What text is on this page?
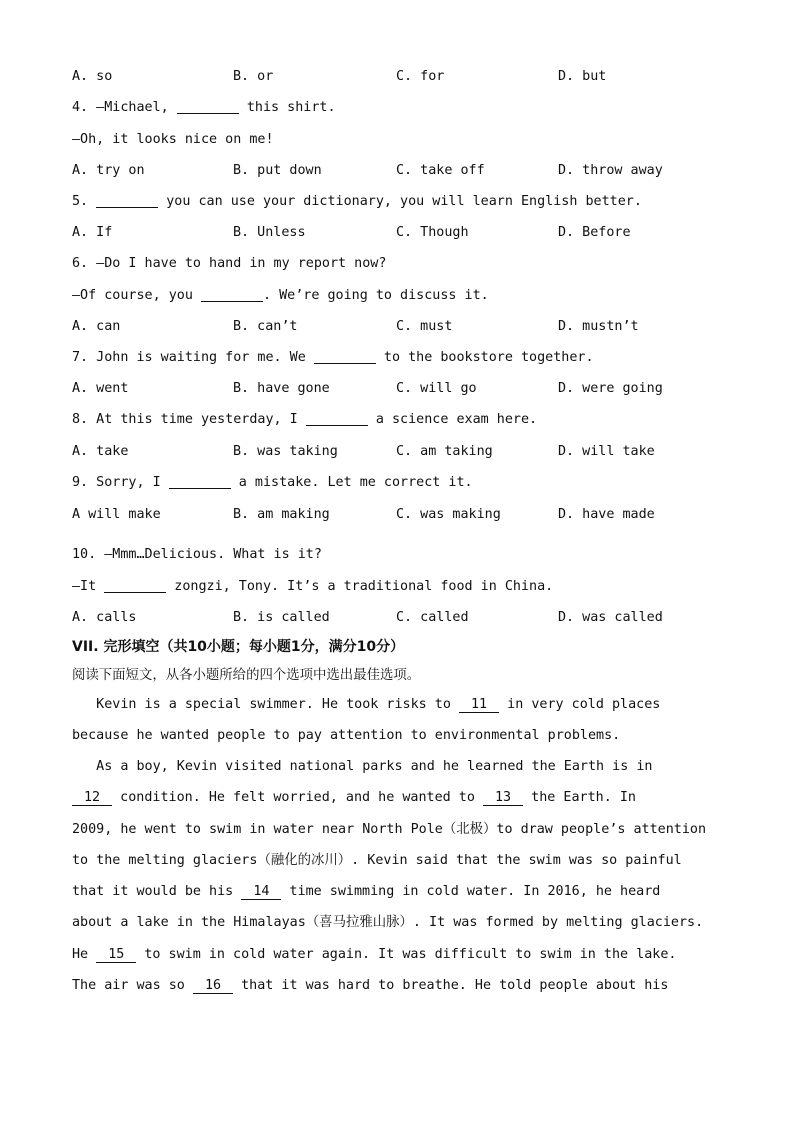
A. so	B. or	C. for	D. but
4. —Michael,	this shirt.
—Oh, it looks nice on me!
A. try on	B. put down	C. take off	D. throw away
5.	you can use your dictionary, you will learn English better.
A. If	B. Unless	C. Though	D. Before
6. —Do I have to hand in my report now?
—Of course, you	. We’re going to discuss it.
A. can	B. can’t	C. must	D. mustn’t
7. John is waiting for me. We	to the bookstore together.
A. went	B. have gone	C. will go	D. were going
8. At this time yesterday, I	a science exam here.
A. take	B. was taking	C. am taking	D. will take
9. Sorry, I	a mistake. Let me correct it.
A will make	B. am making	C. was making	D. have made
10. —Mmm…Delicious. What is it?
—It	zongzi, Tony. It’s a traditional food in China.
A. calls	B. is called	C. called	D. was called
VII. 完形填空（共10小题；每小题1分，满分10分）
阅读下面短文，从各小题所给的四个选项中选出最佳选项。
Kevin is a special swimmer. He took risks to 11 in very cold places
because he wanted people to pay attention to environmental problems.
As a boy, Kevin visited national parks and he learned the Earth is in
12 condition. He felt worried, and he wanted to 13 the Earth. In
2009, he went to swim in water near North Pole（北极）to draw people’s attention
to the melting glaciers（融化的冰川）. Kevin said that the swim was so painful
that it would be his 14 time swimming in cold water. In 2016, he heard
about a lake in the Himalayas（喜马拉雅山脉）. It was formed by melting glaciers.
He 15 to swim in cold water again. It was difficult to swim in the lake.
The air was so 16 that it was hard to breathe. He told people about his
